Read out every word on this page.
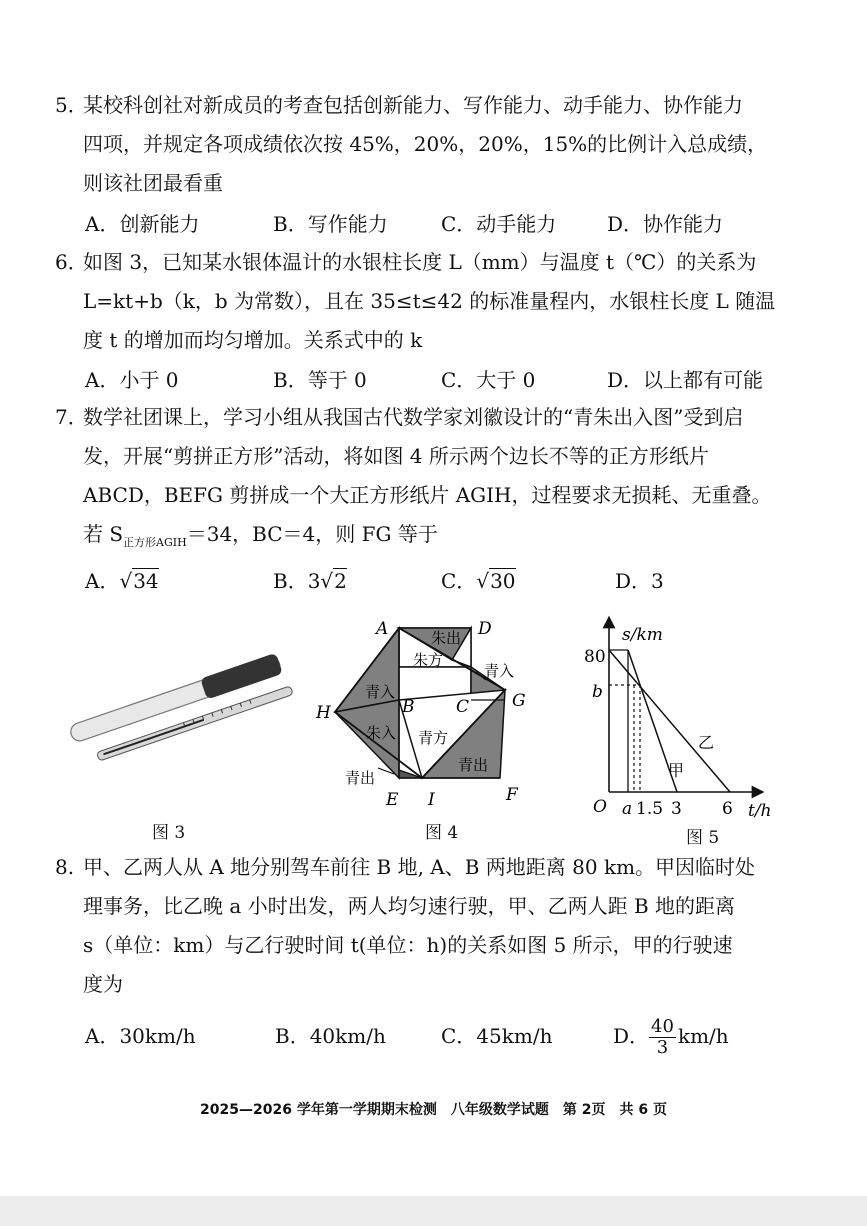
5．
某校科创社对新成员的考查包括创新能力、写作能力、动手能力、协作能力
四项，并规定各项成绩依次按 45%，20%，20%，15%的比例计入总成绩，
则该社团最看重
A．创新能力	B．写作能力	C．动手能力	D．协作能力
6．
如图 3，已知某水银体温计的水银柱长度 L（mm）与温度 t（℃）的关系为
L=kt+b（k，b 为常数），且在 35≤t≤42 的标准量程内，水银柱长度 L 随温
度 t 的增加而均匀增加。关系式中的 k
A．小于 0	B．等于 0	C．大于 0	D．以上都有可能
7．
数学社团课上，学习小组从我国古代数学家刘徽设计的“青朱出入图”受到启
发，开展“剪拼正方形”活动，将如图 4 所示两个边长不等的正方形纸片
ABCD，BEFG 剪拼成一个大正方形纸片 AGIH，过程要求无损耗、无重叠。
若 $S_{正方形AGIH}=34$，BC＝4，则 FG 等于
A．√34	B．3√2	C．√30	D．3
图 3
A	D
朱出
朱方
青入
G
H
青入
B C
朱入 青方
青出
青出
E I	F
图 4
s/km
80
b
乙
甲
O a 1.5 3 6 t/h
图 5
8. 甲、乙两人从 A 地分别驾车前往 B 地, A、B 两地距离 80 km。甲因临时处
理事务，比乙晚 a 小时出发，两人均匀速行驶，甲、乙两人距 B 地的距离
s（单位：km）与乙行驶时间 t(单位：h)的关系如图 5 所示，甲的行驶速
度为
A．30km/h	B．40km/h	C．45km/h	D． $\frac{40}{3} km/h$
2025—2026 学年第一学期期末检测　八年级数学试题　第 2页　共 6 页
